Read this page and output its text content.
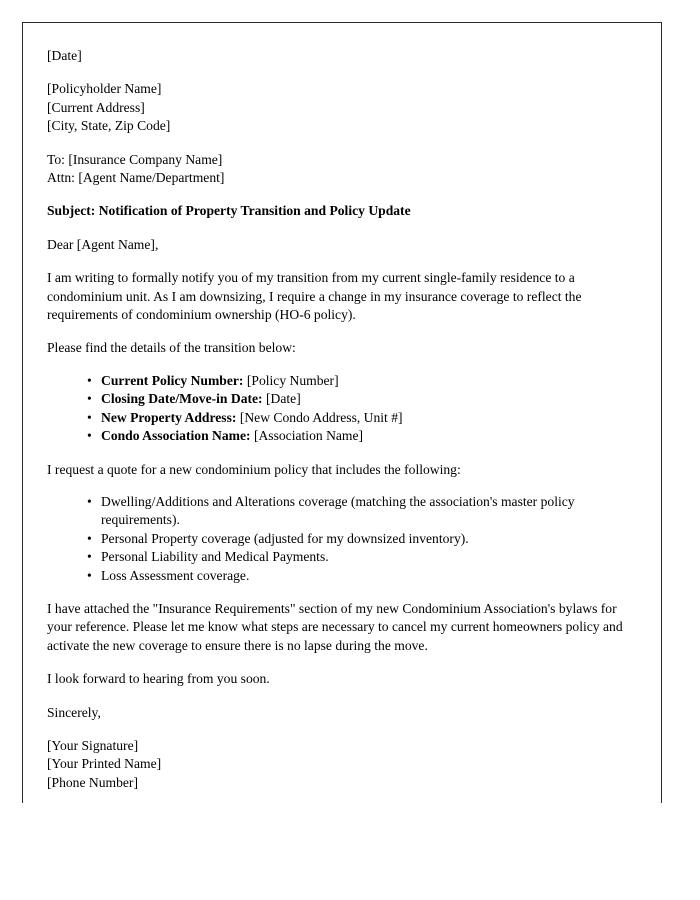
[Date]
[Policyholder Name]
[Current Address]
[City, State, Zip Code]
To: [Insurance Company Name]
Attn: [Agent Name/Department]
Subject: Notification of Property Transition and Policy Update
Dear [Agent Name],
I am writing to formally notify you of my transition from my current single-family residence to a condominium unit. As I am downsizing, I require a change in my insurance coverage to reflect the requirements of condominium ownership (HO-6 policy).
Please find the details of the transition below:
• Current Policy Number: [Policy Number]
• Closing Date/Move-in Date: [Date]
• New Property Address: [New Condo Address, Unit #]
• Condo Association Name: [Association Name]
I request a quote for a new condominium policy that includes the following:
• Dwelling/Additions and Alterations coverage (matching the association's master policy requirements).
• Personal Property coverage (adjusted for my downsized inventory).
• Personal Liability and Medical Payments.
• Loss Assessment coverage.
I have attached the "Insurance Requirements" section of my new Condominium Association's bylaws for your reference. Please let me know what steps are necessary to cancel my current homeowners policy and activate the new coverage to ensure there is no lapse during the move.
I look forward to hearing from you soon.
Sincerely,
[Your Signature]
[Your Printed Name]
[Phone Number]
